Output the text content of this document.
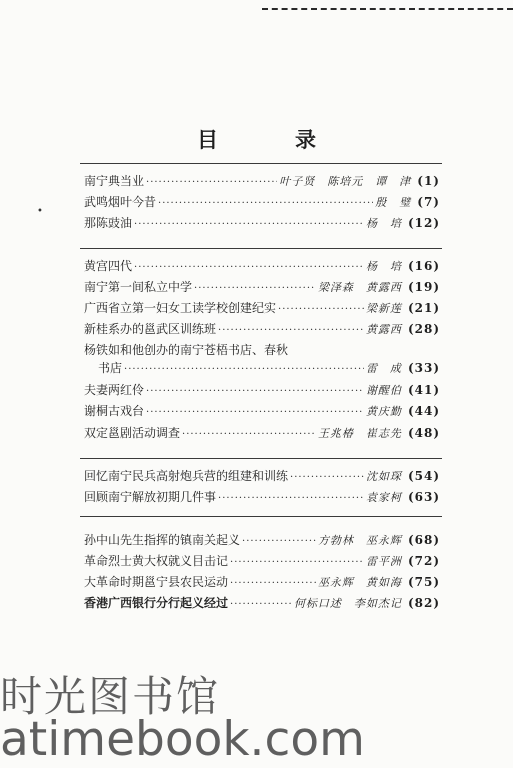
•
目　录
南宁典当业 ·····	叶子贤　陈培元　谭　津 (1)
武鸣烟叶今昔 ·····	殷　璧 (7)
那陈豉油 ·····	杨　培 (12)
黄宫四代 ·····	杨　培 (16)
南宁第一间私立中学 ·····	梁泽森　黄露西 (19)
广西省立第一妇女工读学校创建纪实 ·····	梁新莲 (21)
新桂系办的邕武区训练班 ·····	黄露西 (28)
杨铁如和他创办的南宁苍梧书店、春秋
书店 ·····	雷　成 (33)
夫妻两红伶 ·····	谢醒伯 (41)
谢桐古戏台 ·····	黄庆勤 (44)
双定邕剧活动调查 ·····	王兆椿　崔志先 (48)
回忆南宁民兵高射炮兵营的组建和训练 ·····	沈如琛 (54)
回顾南宁解放初期几件事 ·····	袁家柯 (63)
孙中山先生指挥的镇南关起义 ·····	方勃林　巫永辉 (68)
革命烈士黄大权就义目击记 ·····	雷平洲 (72)
大革命时期邕宁县农民运动 ·····	巫永辉　黄如海 (75)
香港广西银行分行起义经过 ·····	何标口述　李如杰记 (82)
时光图书馆
atimebook.com
